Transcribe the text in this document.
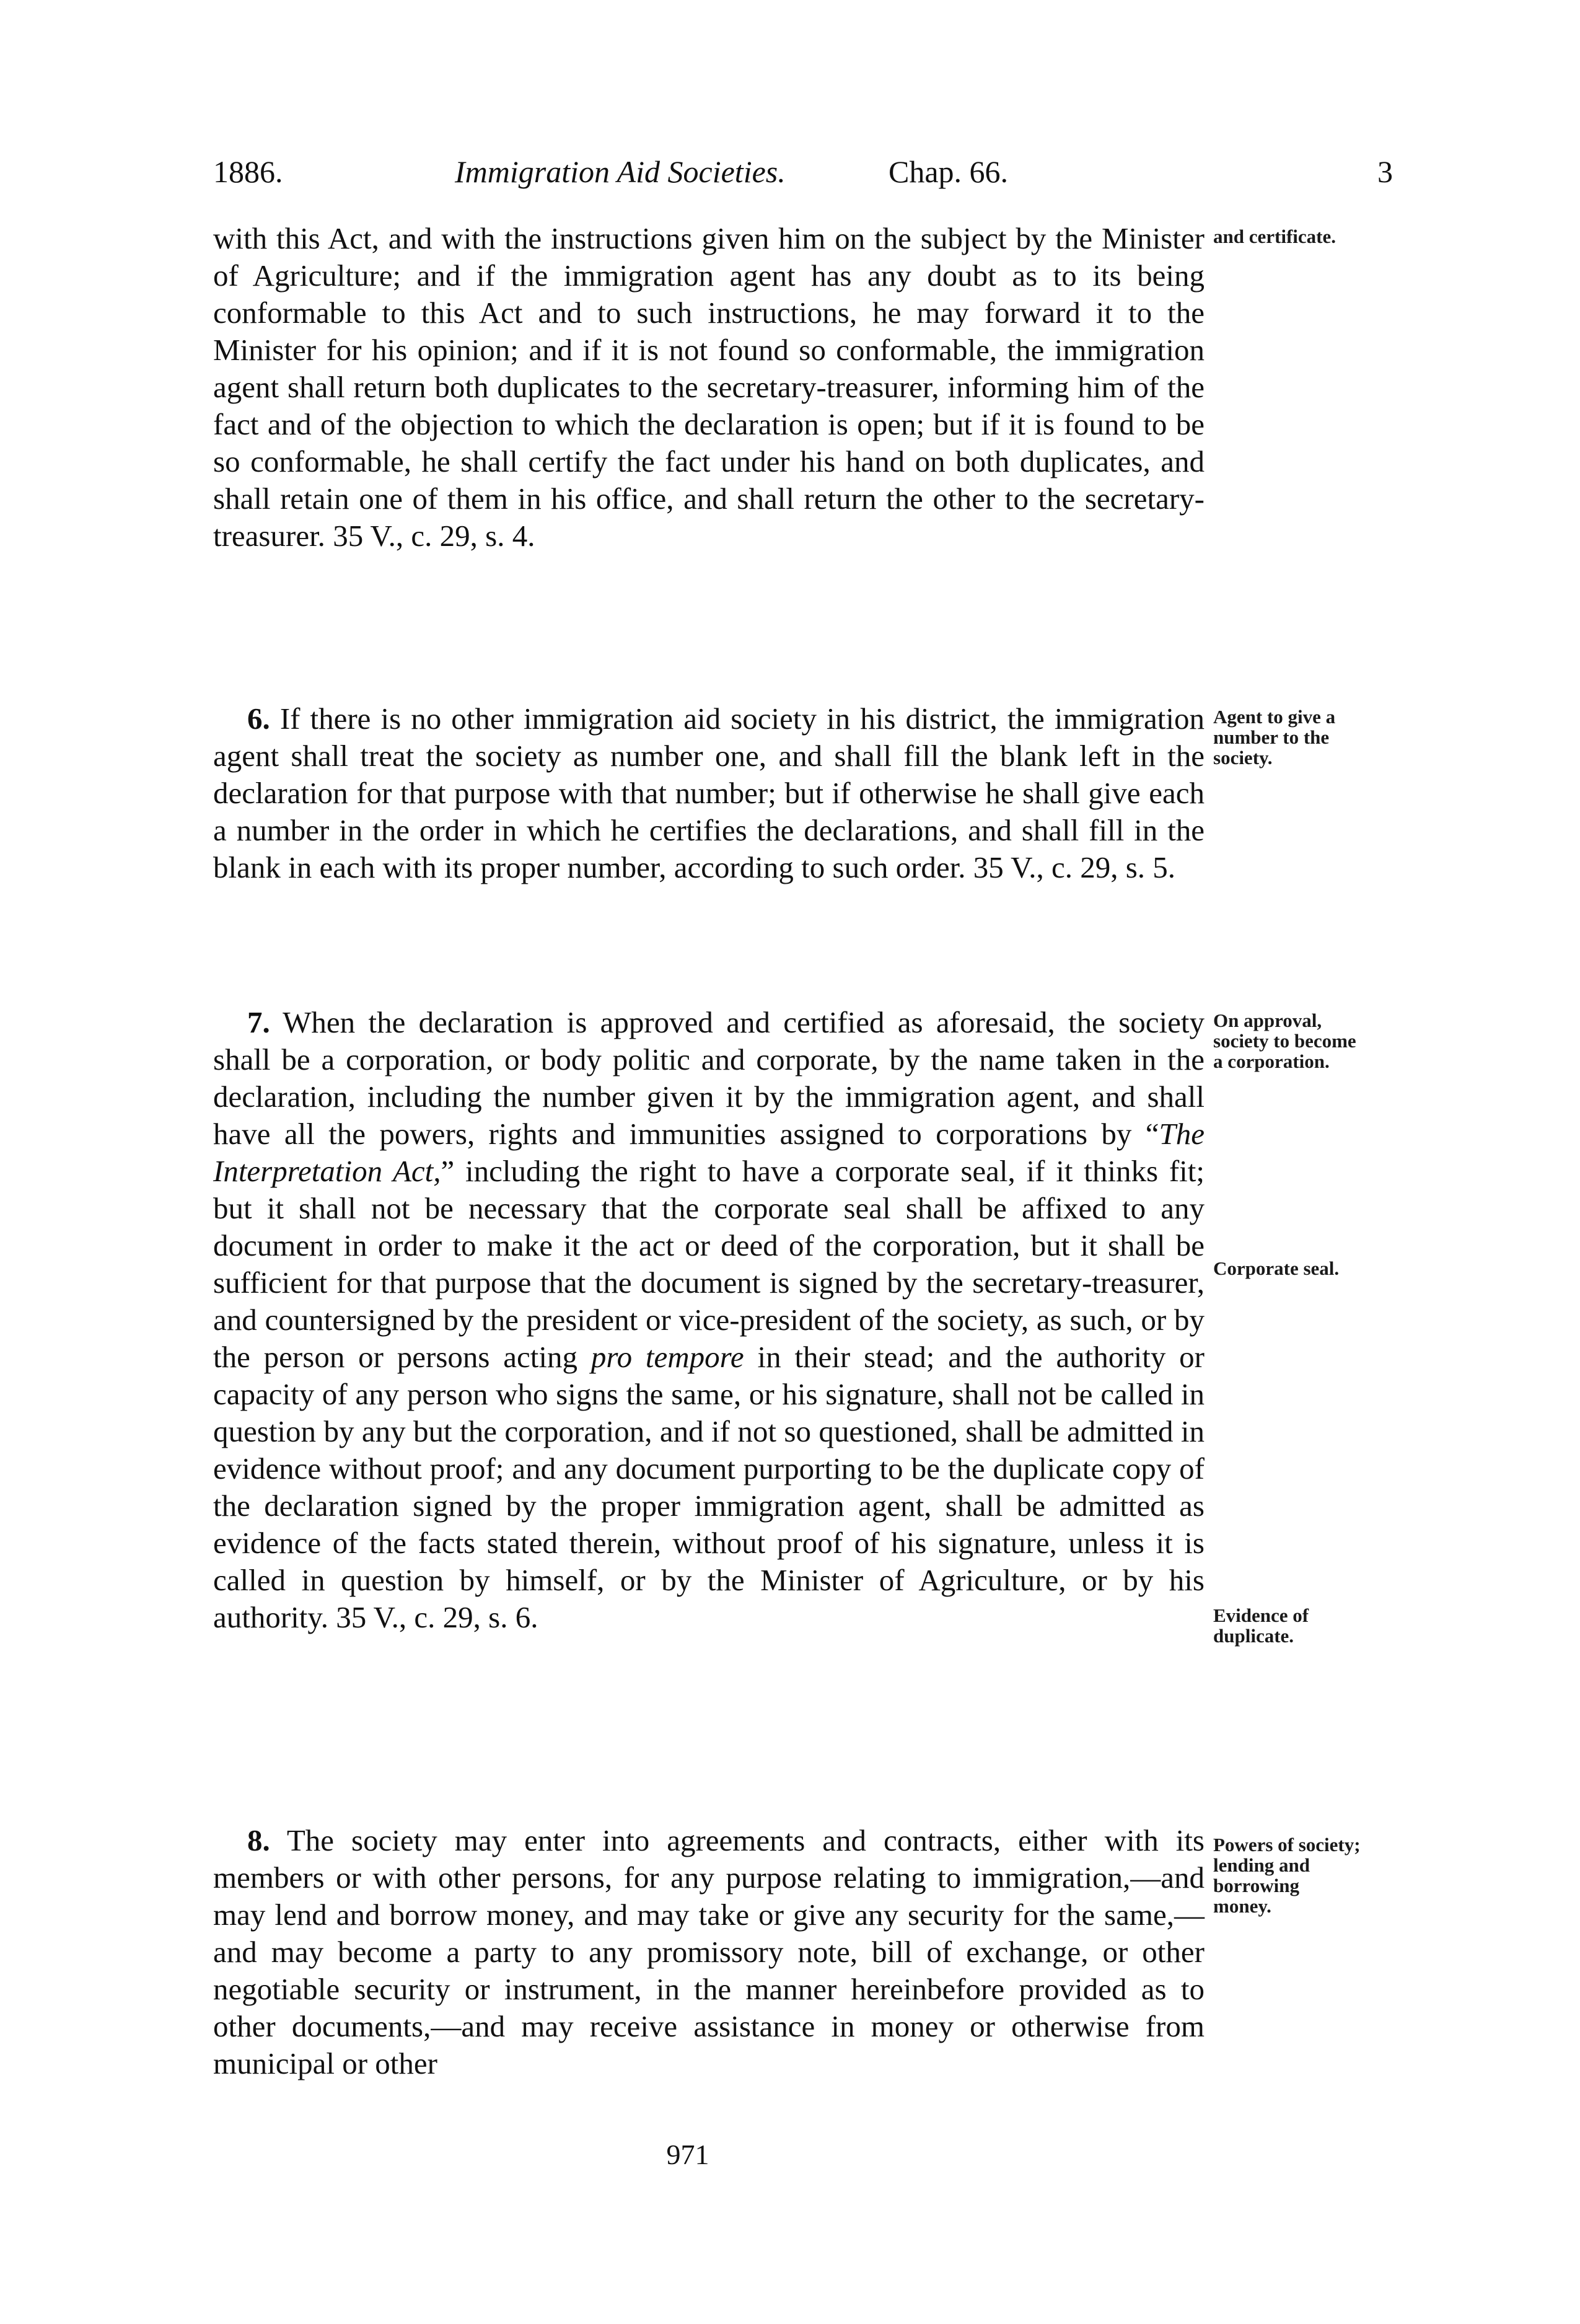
1886.	Immigration Aid Societies.	Chap. 66.	3

with this Act, and with the instructions given him on the subject by the Minister of Agriculture; and if the immigration agent has any doubt as to its being conformable to this Act and to such instructions, he may forward it to the Minister for his opinion; and if it is not found so conformable, the immigration agent shall return both duplicates to the secretary-treasurer, informing him of the fact and of the objection to which the declaration is open; but if it is found to be so conformable, he shall certify the fact under his hand on both duplicates, and shall retain one of them in his office, and shall return the other to the secretary-treasurer. 35 V., c. 29, s. 4.

6. If there is no other immigration aid society in his district, the immigration agent shall treat the society as number one, and shall fill the blank left in the declaration for that purpose with that number; but if otherwise he shall give each a number in the order in which he certifies the declarations, and shall fill in the blank in each with its proper number, according to such order. 35 V., c. 29, s. 5.

7. When the declaration is approved and certified as aforesaid, the society shall be a corporation, or body politic and corporate, by the name taken in the declaration, including the number given it by the immigration agent, and shall have all the powers, rights and immunities assigned to corporations by “The Interpretation Act,” including the right to have a corporate seal, if it thinks fit; but it shall not be necessary that the corporate seal shall be affixed to any document in order to make it the act or deed of the corporation, but it shall be sufficient for that purpose that the document is signed by the secretary-treasurer, and countersigned by the president or vice-president of the society, as such, or by the person or persons acting pro tempore in their stead; and the authority or capacity of any person who signs the same, or his signature, shall not be called in question by any but the corporation, and if not so questioned, shall be admitted in evidence without proof; and any document purporting to be the duplicate copy of the declaration signed by the proper immigration agent, shall be admitted as evidence of the facts stated therein, without proof of his signature, unless it is called in question by himself, or by the Minister of Agriculture, or by his authority. 35 V., c. 29, s. 6.

8. The society may enter into agreements and contracts, either with its members or with other persons, for any purpose relating to immigration,—and may lend and borrow money, and may take or give any security for the same,—and may become a party to any promissory note, bill of exchange, or other negotiable security or instrument, in the manner hereinbefore provided as to other documents,—and may receive assistance in money or otherwise from municipal or other

and certificate.
Agent to give a number to the society.
On approval, society to become a corporation.
Corporate seal.
Evidence of duplicate.
Powers of society; lending and borrowing money.
971
